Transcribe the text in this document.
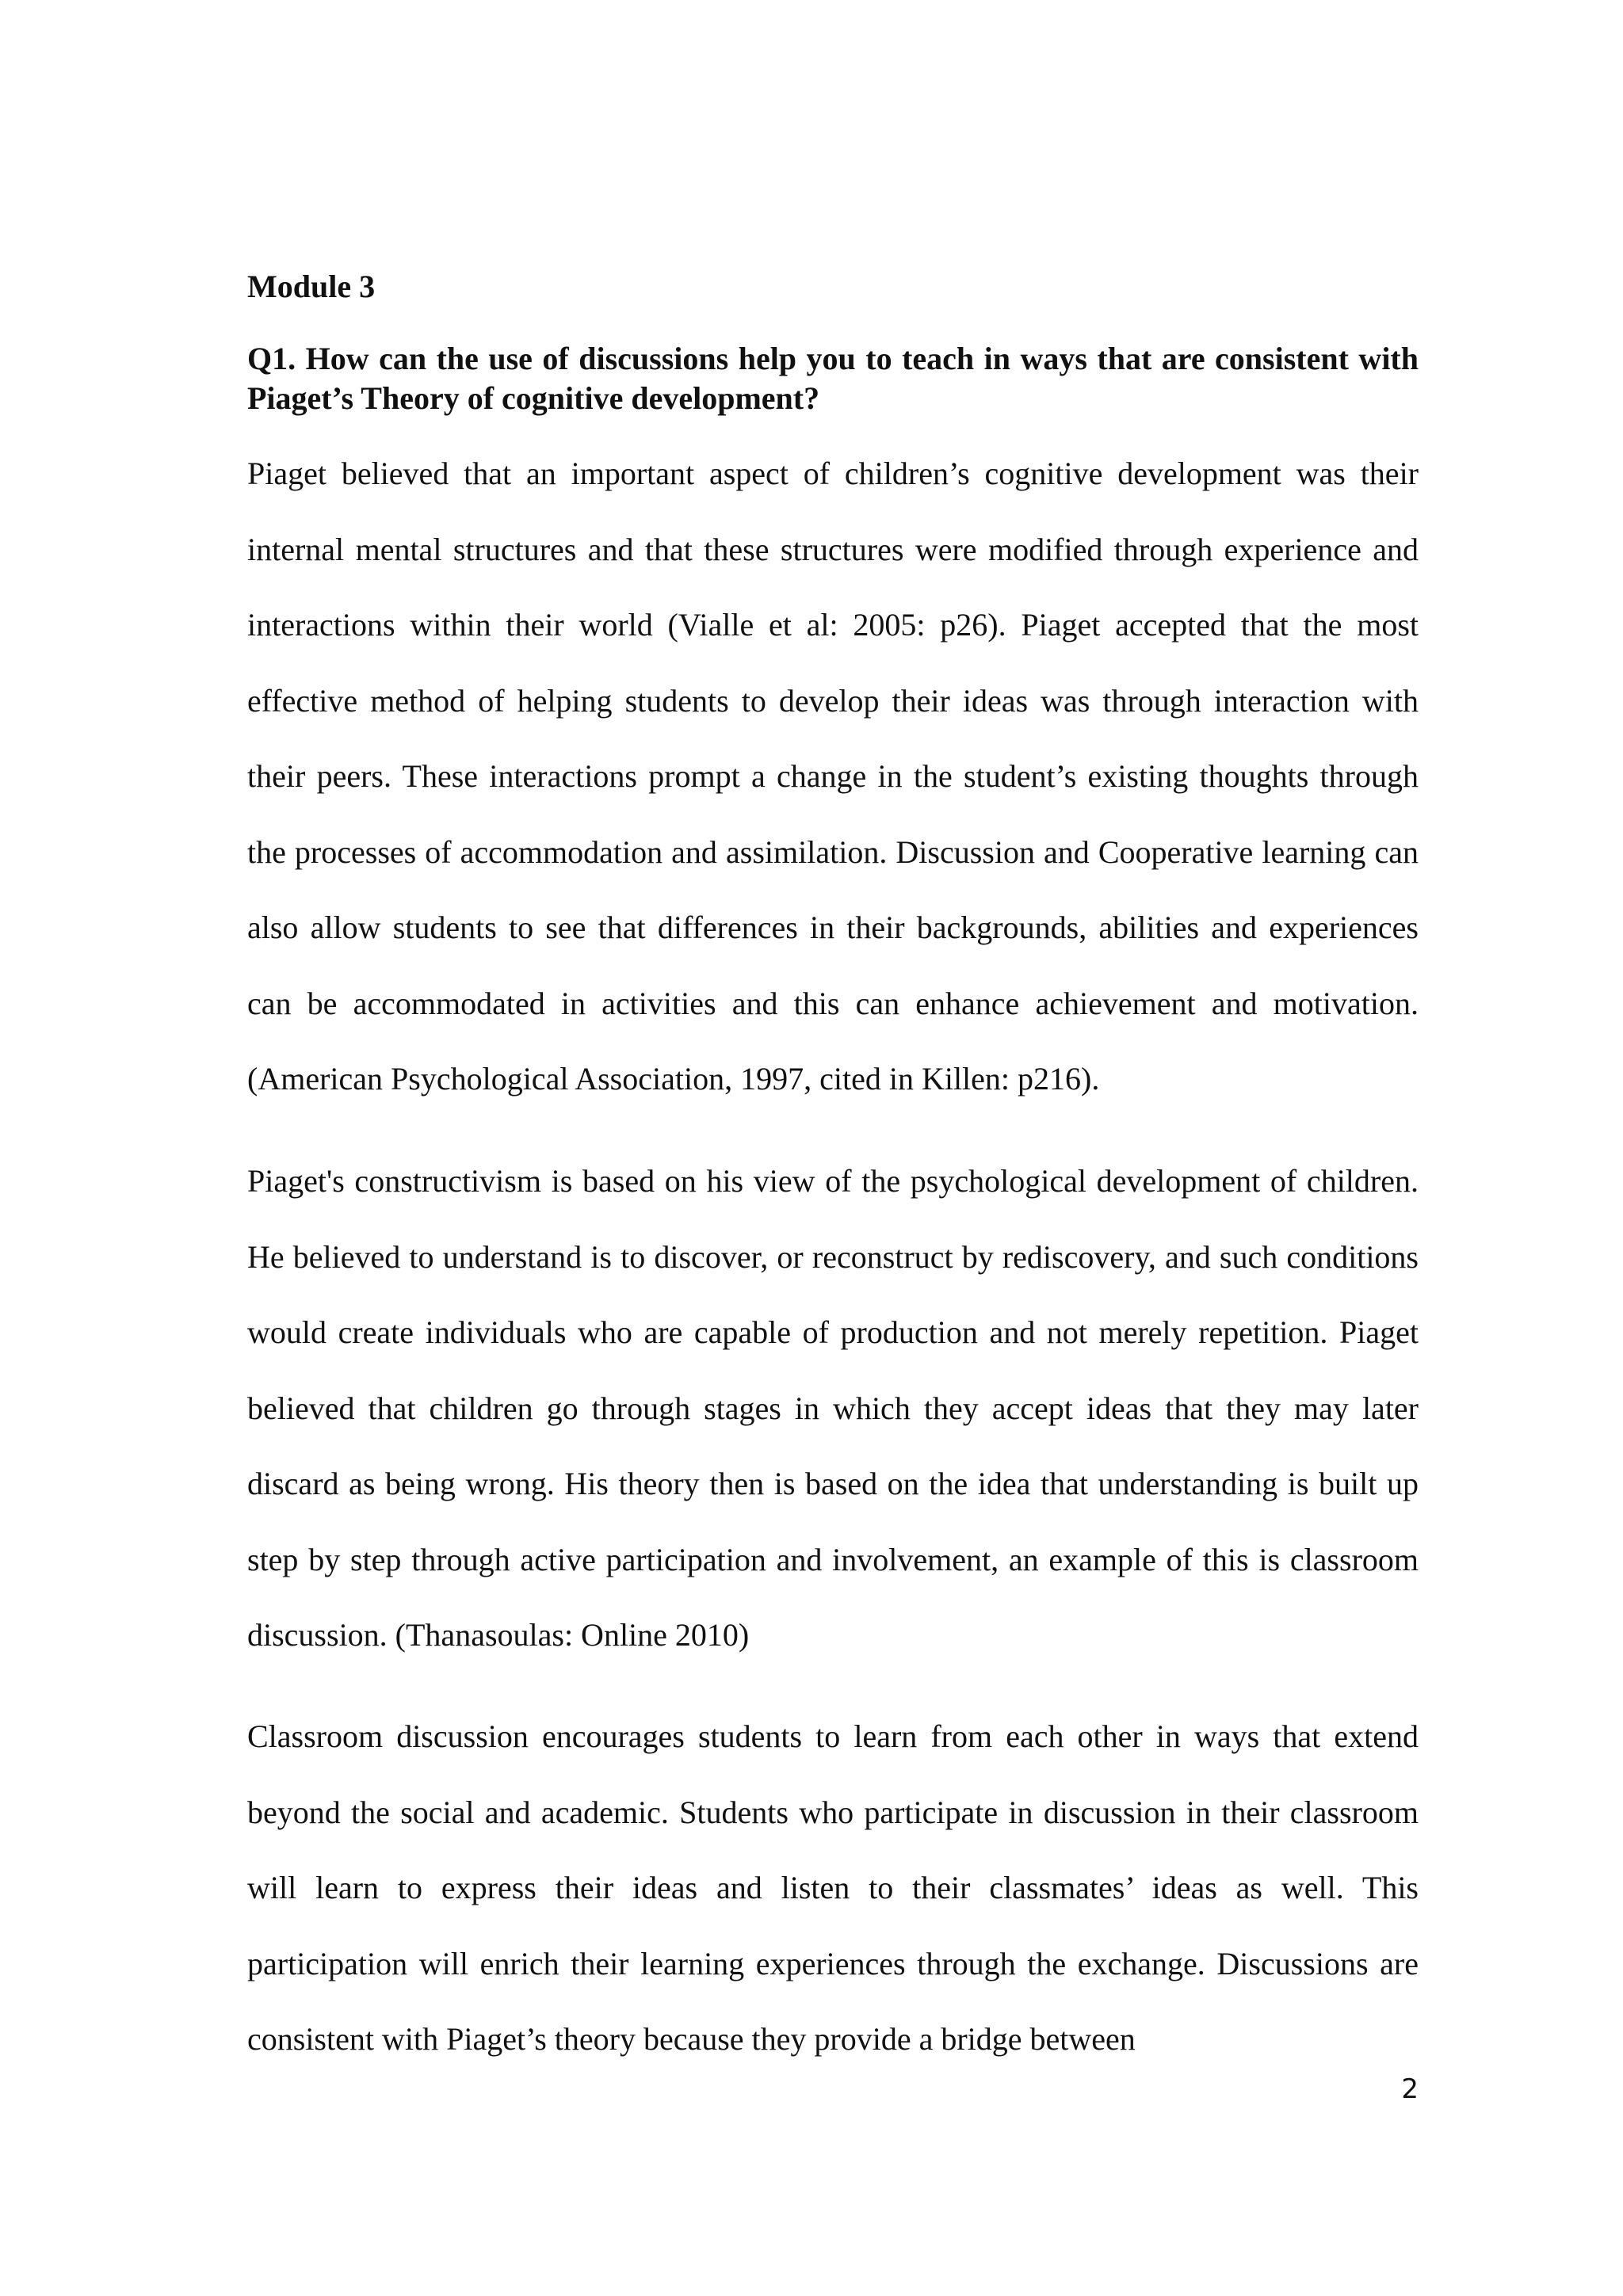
Module 3

Q1. How can the use of discussions help you to teach in ways that are consistent with Piaget’s Theory of cognitive development?

Piaget believed that an important aspect of children’s cognitive development was their internal mental structures and that these structures were modified through experience and interactions within their world (Vialle et al: 2005: p26). Piaget accepted that the most effective method of helping students to develop their ideas was through interaction with their peers. These interactions prompt a change in the student’s existing thoughts through the processes of accommodation and assimilation. Discussion and Cooperative learning can also allow students to see that differences in their backgrounds, abilities and experiences can be accommodated in activities and this can enhance achievement and motivation. (American Psychological Association, 1997, cited in Killen: p216).

Piaget's constructivism is based on his view of the psychological development of children. He believed to understand is to discover, or reconstruct by rediscovery, and such conditions would create individuals who are capable of production and not merely repetition. Piaget believed that children go through stages in which they accept ideas that they may later discard as being wrong. His theory then is based on the idea that understanding is built up step by step through active participation and involvement, an example of this is classroom discussion. (Thanasoulas: Online 2010)

Classroom discussion encourages students to learn from each other in ways that extend beyond the social and academic. Students who participate in discussion in their classroom will learn to express their ideas and listen to their classmates’ ideas as well. This participation will enrich their learning experiences through the exchange. Discussions are consistent with Piaget’s theory because they provide a bridge between

2
